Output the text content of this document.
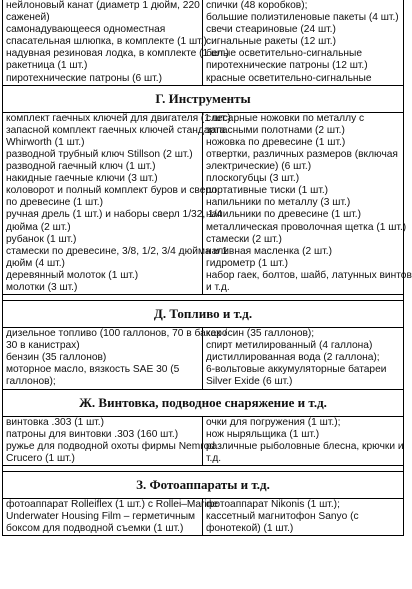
нейлоновый канат (диаметр 1 дюйм, 220
саженей)
самонадувающееся одноместная
спасательная шлюпка, в комплекте (1 шт.)
надувная резиновая лодка, в комплекте (1 шт.)
ракетница (1 шт.)
пиротехнические патроны (6 шт.)
спички (48 коробков);
большие полиэтиленовые пакеты (4 шт.)
свечи стеариновые (24 шт.)
сигнальные ракеты (12 шт.)
белые осветительно-сигнальные
пиротехнические патроны (12 шт.)
красные осветительно-сигнальные
Г. Инструменты
комплект гаечных ключей для двигателя (1 шт.)
запасной комплект гаечных ключей стандарта
Whirworth (1 шт.)
разводной трубный ключ Stillson (2 шт.)
разводной гаечный ключ (1 шт.)
накидные гаечные ключи (3 шт.)
коловорот и полный комплект буров и сверл
по древесине (1 шт.)
ручная дрель (1 шт.) и наборы сверл 1/32, 1/4
дюйма (2 шт.)
рубанок (1 шт.)
стамески по древесине, 3/8, 1/2, 3/4 дюйма и 1
дюйм (4 шт.)
деревянный молоток (1 шт.)
молотки (3 шт.)
слесарные ножовки по металлу с
запасными полотнами (2 шт.)
ножовка по древесине (1 шт.)
отвертки, различных размеров (включая
электрические) (6 шт.)
плоскогубцы (3 шт.)
портативные тиски (1 шт.)
напильники по металлу (3 шт.)
напильники по древесине (1 шт.)
металлическая проволочная щетка (1 шт.)
стамески (2 шт.)
наливная масленка (2 шт.)
гидрометр (1 шт.)
набор гаек, болтов, шайб, латунных винтов
и т.д.
Д. Топливо и т.д.
дизельное топливо (100 галлонов, 70 в баках /
30 в канистрах)
бензин (35 галлонов)
моторное масло, вязкость SAE 30 (5
галлонов);
керосин (35 галлонов);
спирт метилированный (4 галлона)
дистиллированная вода (2 галлона);
6-вольтовые аккумуляторные батареи
Silver Exide (6 шт.)
Ж. Винтовка, подводное снаряжение и т.д.
винтовка .303 (1 шт.)
патроны для винтовки .303 (160 шт.)
ружье для подводной охоты фирмы Nemrod
Crucero (1 шт.)
очки для погружения (1 шт.);
нож ныряльщика (1 шт.)
различные рыболовные блесна, крючки и
т.д.
З. Фотоаппараты и т.д.
фотоаппарат Rolleiflex (1 шт.) с Rollei–Marine
Underwater Housing Film – герметичным
боксом для подводной съемки (1 шт.)
фотоаппарат Nikonis (1 шт.);
кассетный магнитофон Sanyo (с
фонотекой) (1 шт.)
